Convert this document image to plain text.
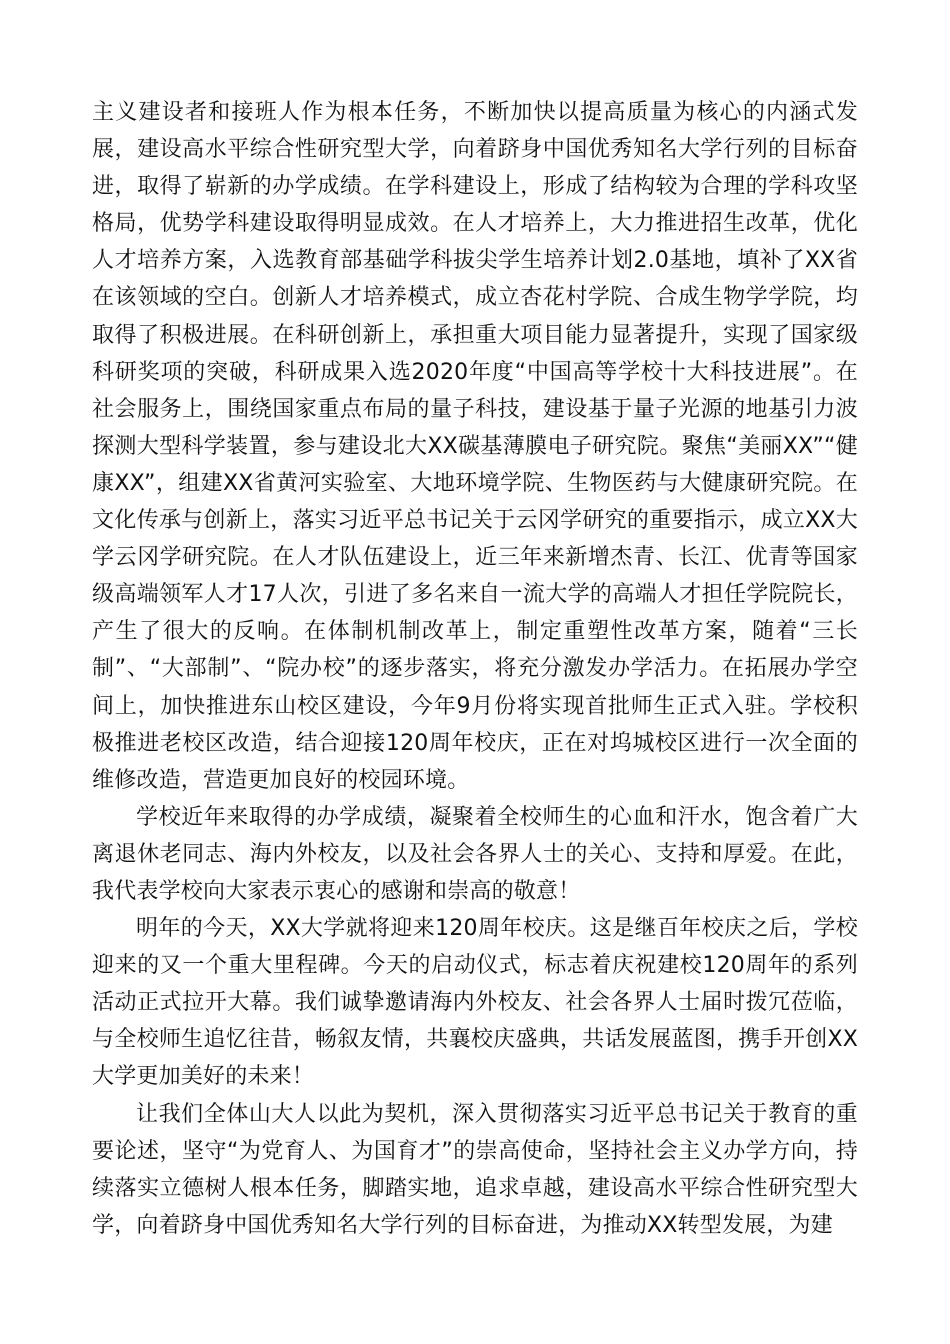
主义建设者和接班人作为根本任务，不断加快以提高质量为核心的内涵式发展，建设高水平综合性研究型大学，向着跻身中国优秀知名大学行列的目标奋进，取得了崭新的办学成绩。在学科建设上，形成了结构较为合理的学科攻坚格局，优势学科建设取得明显成效。在人才培养上，大力推进招生改革，优化人才培养方案，入选教育部基础学科拔尖学生培养计划2.0基地，填补了XX省在该领域的空白。创新人才培养模式，成立杏花村学院、合成生物学学院，均取得了积极进展。在科研创新上，承担重大项目能力显著提升，实现了国家级科研奖项的突破，科研成果入选2020年度“中国高等学校十大科技进展”。在社会服务上，围绕国家重点布局的量子科技，建设基于量子光源的地基引力波探测大型科学装置，参与建设北大XX碳基薄膜电子研究院。聚焦“美丽XX”“健康XX”，组建XX省黄河实验室、大地环境学院、生物医药与大健康研究院。在文化传承与创新上，落实习近平总书记关于云冈学研究的重要指示，成立XX大学云冈学研究院。在人才队伍建设上，近三年来新增杰青、长江、优青等国家级高端领军人才17人次，引进了多名来自一流大学的高端人才担任学院院长，产生了很大的反响。在体制机制改革上，制定重塑性改革方案，随着“三长制”、“大部制”、“院办校”的逐步落实，将充分激发办学活力。在拓展办学空间上，加快推进东山校区建设，今年9月份将实现首批师生正式入驻。学校积极推进老校区改造，结合迎接120周年校庆，正在对坞城校区进行一次全面的维修改造，营造更加良好的校园环境。

学校近年来取得的办学成绩，凝聚着全校师生的心血和汗水，饱含着广大离退休老同志、海内外校友，以及社会各界人士的关心、支持和厚爱。在此，我代表学校向大家表示衷心的感谢和崇高的敬意！

明年的今天，XX大学就将迎来120周年校庆。这是继百年校庆之后，学校迎来的又一个重大里程碑。今天的启动仪式，标志着庆祝建校120周年的系列活动正式拉开大幕。我们诚挚邀请海内外校友、社会各界人士届时拨冗莅临，与全校师生追忆往昔，畅叙友情，共襄校庆盛典，共话发展蓝图，携手开创XX大学更加美好的未来！

让我们全体山大人以此为契机，深入贯彻落实习近平总书记关于教育的重要论述，坚守“为党育人、为国育才”的崇高使命，坚持社会主义办学方向，持续落实立德树人根本任务，脚踏实地，追求卓越，建设高水平综合性研究型大学，向着跻身中国优秀知名大学行列的目标奋进，为推动XX转型发展，为建
